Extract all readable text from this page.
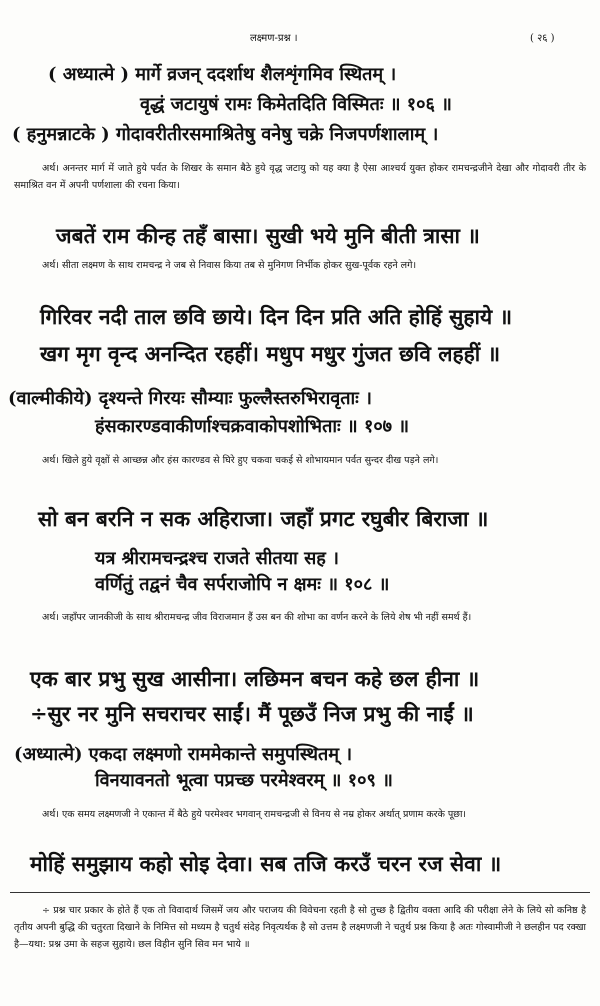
लक्ष्मण-प्रश्न ।	( २६ )
( अध्यात्मे ) मार्गे व्रजन् ददर्शाथ शैलशृंगमिव स्थितम् ।
वृद्धं जटायुषं रामः किमेतदिति विस्मितः ॥ १०६ ॥
( हनुमन्नाटके ) गोदावरीतीरसमाश्रितेषु वनेषु चक्रे निजपर्णशालाम् ।
अर्थ। अनन्तर मार्ग में जाते हुये पर्वत के शिखर के समान बैठे हुये वृद्ध जटायु को यह क्या है ऐसा आश्चर्य युक्त होकर रामचन्द्रजीने देखा और गोदावरी तीर के समाश्रित वन में अपनी पर्णशाला की रचना किया।
जबतें राम कीन्ह तहँ बासा। सुखी भये मुनि बीती त्रासा ॥
अर्थ। सीता लक्ष्मण के साथ रामचन्द्र ने जब से निवास किया तब से मुनिगण निर्भीक होकर सुख-पूर्वक रहने लगे।
गिरिवर नदी ताल छवि छाये। दिन दिन प्रति अति होहिं सुहाये ॥
खग मृग वृन्द अनन्दित रहहीं। मधुप मधुर गुंजत छवि लहहीं ॥
(वाल्मीकीये) दृश्यन्ते गिरयः सौम्याः फुल्लैस्तरुभिरावृताः ।
हंसकारण्डवाकीर्णाश्चक्रवाकोपशोभिताः ॥ १०७ ॥
अर्थ। खिले हुये वृक्षों से आच्छन्न और हंस कारण्डव से घिरे हुए चकवा चकई से शोभायमान पर्वत सुन्दर दीख पड़ने लगे।
सो बन बरनि न सक अहिराजा। जहाँ प्रगट रघुबीर बिराजा ॥
यत्र श्रीरामचन्द्रश्च राजते सीतया सह ।
वर्णितुं तद्वनं चैव सर्पराजोपि न क्षमः ॥ १०८ ॥
अर्थ। जहाँपर जानकीजी के साथ श्रीरामचन्द्र जीव विराजमान हैं उस बन की शोभा का वर्णन करने के लिये शेष भी नहीं समर्थ हैं।
एक बार प्रभु सुख आसीना। लछिमन बचन कहे छल हीना ॥
÷सुर नर मुनि सचराचर साईं। मैं पूछउँ निज प्रभु की नाईं ॥
(अध्यात्मे) एकदा लक्ष्मणो राममेकान्ते समुपस्थितम् ।
विनयावनतो भूत्वा पप्रच्छ परमेश्वरम् ॥ १०९ ॥
अर्थ। एक समय लक्ष्मणजी ने एकान्त में बैठे हुये परमेश्वर भगवान् रामचन्द्रजी से विनय से नम्र होकर अर्थात् प्रणाम करके पूछा।
मोहिं समुझाय कहो सोइ देवा। सब तजि करउँ चरन रज सेवा ॥
÷ प्रश्न चार प्रकार के होते हैं एक तो विवादार्थ जिसमें जय और पराजय की विवेचना रहती है सो तुच्छ है द्वितीय वक्ता आदि की परीक्षा लेने के लिये सो कनिष्ठ है तृतीय अपनी बुद्धि की चतुरता दिखाने के निमित्त सो मध्यम है चतुर्थ संदेह निवृत्यर्थक है सो उत्तम है लक्ष्मणजी ने चतुर्थ प्रश्न किया है अतः गोस्वामीजी ने छलहीन पद रक्खा है—यथा: प्रश्न उमा के सहज सुहाये। छल विहीन सुनि सिव मन भाये ॥
